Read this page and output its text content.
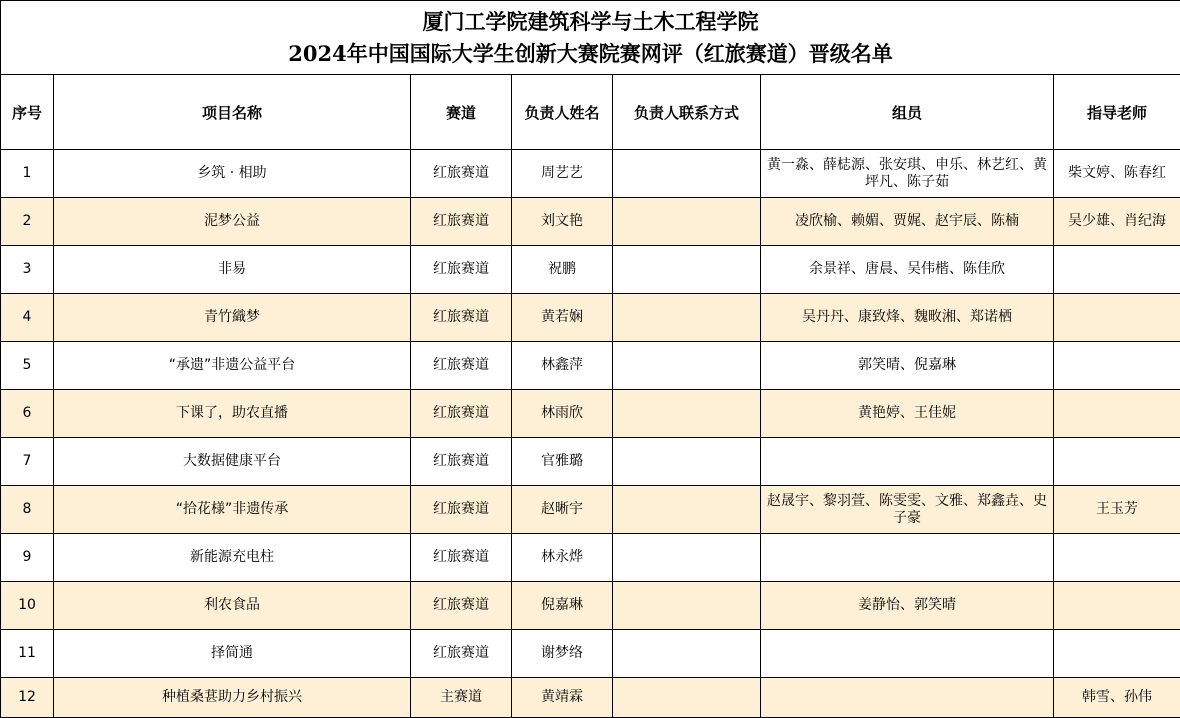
厦门工学院建筑科学与土木工程学院
2024年中国国际大学生创新大赛院赛网评（红旅赛道）晋级名单						

序号	项目名称	赛道	负责人姓名	负责人联系方式	组员	指导老师
1	乡筑 · 相助	红旅赛道	周艺艺		黄一淼、薛梽源、张安琪、申乐、林艺红、黄坪凡、陈子茹	柴文婷、陈春红
2	泥梦公益	红旅赛道	刘文艳		凌欣榆、赖媚、贾娓、赵宇辰、陈楠	吴少雄、肖纪海
3	非易	红旅赛道	祝鹏		余景祥、唐晨、吴伟楷、陈佳欣	
4	青竹織梦	红旅赛道	黄若娴		吴丹丹、康致烽、魏畋湘、郑诺栖	
5	“承遗”非遗公益平台	红旅赛道	林鑫萍		郭笑晴、倪嘉琳	
6	下课了，助农直播	红旅赛道	林雨欣		黄艳婷、王佳妮	
7	大数据健康平台	红旅赛道	官雅璐			
8	“拾花様”非遗传承	红旅赛道	赵晰宇		赵晟宇、黎羽萱、陈雯雯、文雅、郑鑫垚、史子豪	王玉芳
9	新能源充电柱	红旅赛道	林永烨			
10	利农食品	红旅赛道	倪嘉琳		姜静怡、郭笑晴	
11	择简通	红旅赛道	谢梦络			
12	种植桑葚助力乡村振兴	主赛道	黄靖霖			韩雪、孙伟
